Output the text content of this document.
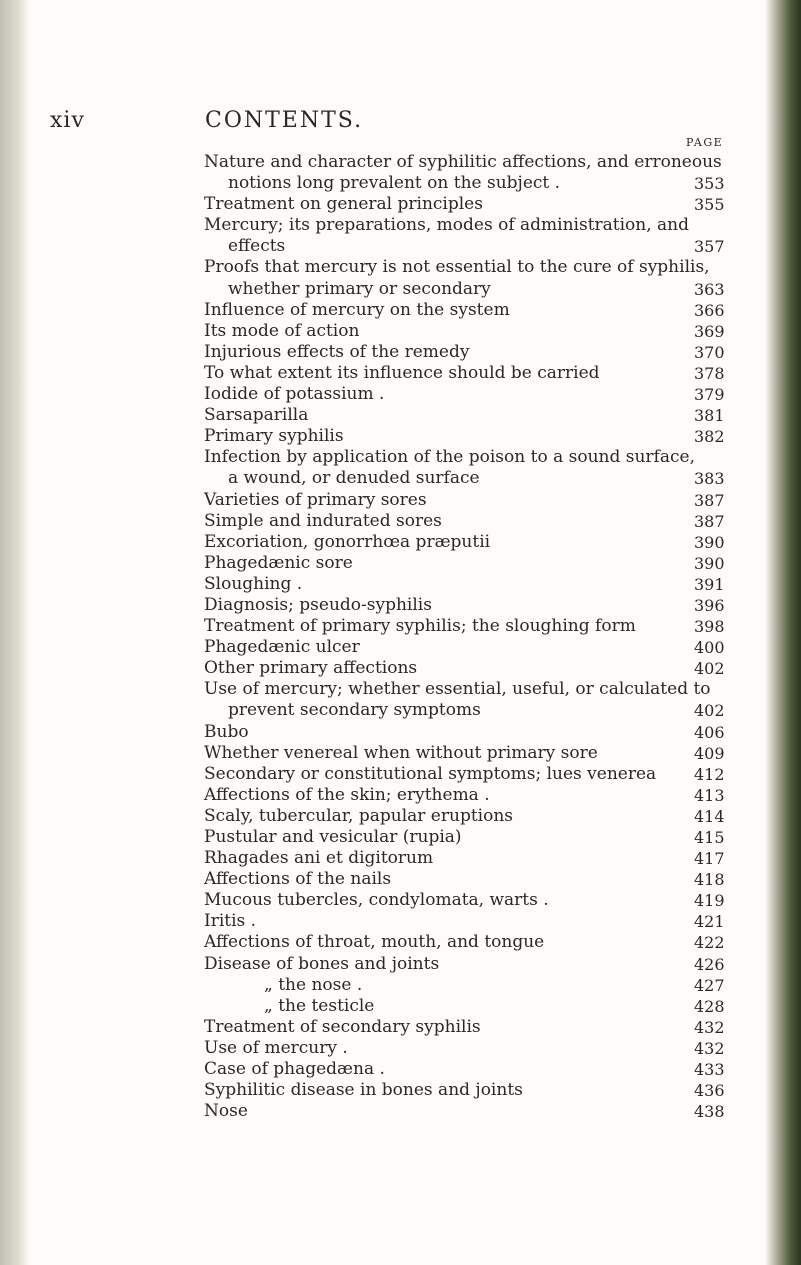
xiv	CONTENTS.
PAGE
Nature and character of syphilitic affections, and erroneous
notions long prevalent on the subject .	353
Treatment on general principles	355
Mercury; its preparations, modes of administration, and
effects	357
Proofs that mercury is not essential to the cure of syphilis,
whether primary or secondary	363
Influence of mercury on the system	366
Its mode of action	369
Injurious effects of the remedy	370
To what extent its influence should be carried	378
Iodide of potassium .	379
Sarsaparilla	381
Primary syphilis	382
Infection by application of the poison to a sound surface,
a wound, or denuded surface	383
Varieties of primary sores	387
Simple and indurated sores	387
Excoriation, gonorrhœa præputii	390
Phagedænic sore	390
Sloughing .	391
Diagnosis; pseudo-syphilis	396
Treatment of primary syphilis; the sloughing form	398
Phagedænic ulcer	400
Other primary affections	402
Use of mercury; whether essential, useful, or calculated to
prevent secondary symptoms	402
Bubo	406
Whether venereal when without primary sore	409
Secondary or constitutional symptoms; lues venerea 412
Affections of the skin; erythema .	413
Scaly, tubercular, papular eruptions	414
Pustular and vesicular (rupia)	415
Rhagades ani et digitorum	417
Affections of the nails	418
Mucous tubercles, condylomata, warts .	419
Iritis .	421
Affections of throat, mouth, and tongue	422
Disease of bones and joints	426
„ the nose .	427
„ the testicle	428
Treatment of secondary syphilis	432
Use of mercury .	432
Case of phagedæna .	433
Syphilitic disease in bones and joints	436
Nose	438
